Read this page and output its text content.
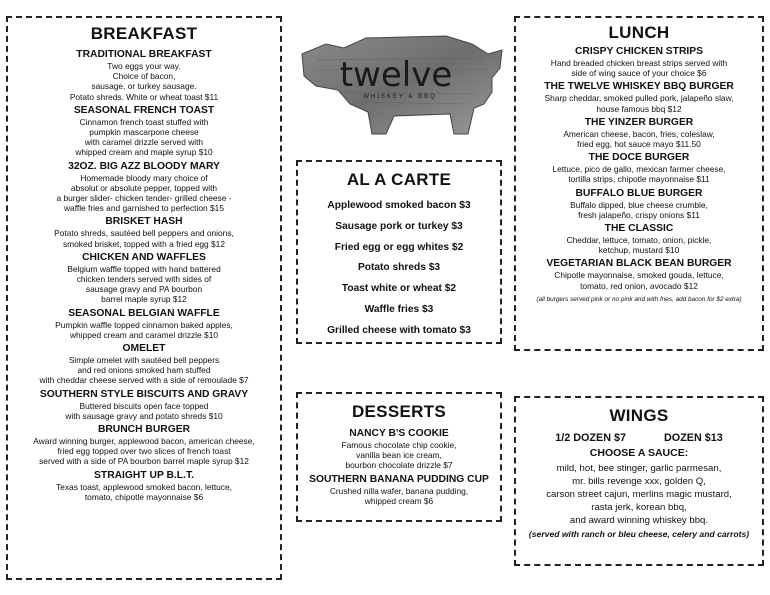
twelve
WHISKEY & BBQ
BREAKFAST
TRADITIONAL BREAKFAST
Two eggs your way.
Choice of bacon,
sausage, or turkey sausage.
Potato shreds. White or wheat toast $11
SEASONAL FRENCH TOAST
Cinnamon french toast stuffed with
pumpkin mascarpone cheese
with caramel drizzle served with
whipped cream and maple syrup $10
32OZ. BIG AZZ BLOODY MARY
Homemade bloody mary choice of
absolut or absolute pepper, topped with
a burger slider- chicken tender- grilled cheese -
waffle fries and garnished to perfection $15
BRISKET HASH
Potato shreds, sautéed bell peppers and onions,
smoked brisket, topped with a fried egg $12
CHICKEN AND WAFFLES
Belgium waffle topped with hand battered
chicken tenders served with sides of
sausage gravy and PA bourbon
barrel maple syrup $12
SEASONAL BELGIAN WAFFLE
Pumpkin waffle topped cinnamon baked apples,
whipped cream and caramel drizzle $10
OMELET
Simple omelet with sautéed bell peppers
and red onions smoked ham stuffed
with cheddar cheese served with a side of remoulade $7
SOUTHERN STYLE BISCUITS AND GRAVY
Buttered biscuits open face topped
with sausage gravy and potato shreds $10
BRUNCH BURGER
Award winning burger, applewood bacon, american cheese,
fried egg topped over two slices of french toast
served with a side of PA bourbon barrel maple syrup $12
STRAIGHT UP B.L.T.
Texas toast, applewood smoked bacon, lettuce,
tomato, chipotle mayonnaise $6
AL A CARTE
Applewood smoked bacon $3
Sausage pork or turkey $3
Fried egg or egg whites $2
Potato shreds $3
Toast white or wheat $2
Waffle fries $3
Grilled cheese with tomato $3
DESSERTS
NANCY B'S COOKIE
Famous chocolate chip cookie,
vanilla bean ice cream,
bourbon chocolate drizzle $7
SOUTHERN BANANA PUDDING CUP
Crushed nilla wafer, banana pudding,
whipped cream $6
LUNCH
CRISPY CHICKEN STRIPS
Hand breaded chicken breast strips served with
side of wing sauce of your choice $6
THE TWELVE WHISKEY BBQ BURGER
Sharp cheddar, smoked pulled pork, jalapeño slaw,
house famous bbq $12
THE YINZER BURGER
American cheese, bacon, fries, coleslaw,
fried egg, hot sauce mayo $11.50
THE DOCE BURGER
Lettuce, pico de gallo, mexican farmer cheese,
tortilla strips, chipotle mayonnaise $11
BUFFALO BLUE BURGER
Buffalo dipped, blue cheese crumble,
fresh jalapeño, crispy onions $11
THE CLASSIC
Cheddar, lettuce, tomato, onion, pickle,
ketchup, mustard $10
VEGETARIAN BLACK BEAN BURGER
Chipotle mayonnaise, smoked gouda, lettuce,
tomato, red onion, avocado $12
(all burgers served pink or no pink and with fries, add bacon for $2 extra)
WINGS
1/2 DOZEN $7	DOZEN $13
CHOOSE A SAUCE:
mild, hot, bee stinger, garlic parmesan,
mr. bills revenge xxx, golden Q,
carson street cajun, merlins magic mustard,
rasta jerk, korean bbq,
and award winning whiskey bbq.
(served with ranch or bleu cheese, celery and carrots)
